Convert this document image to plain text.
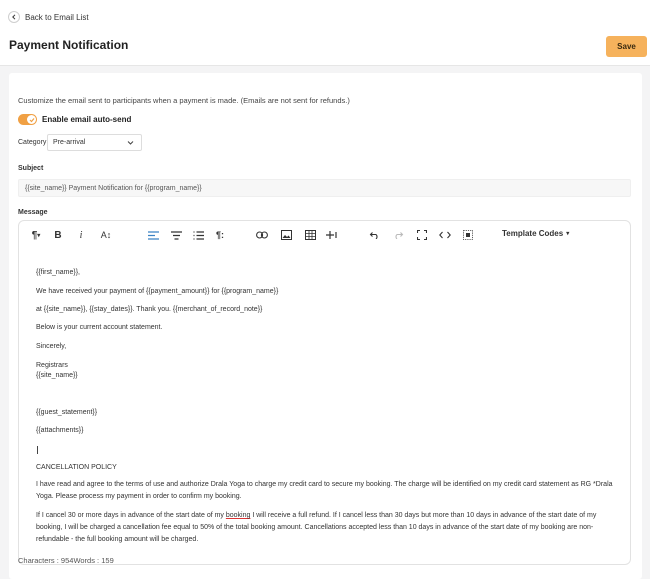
Back to Email List
Payment Notification	Save
Customize the email sent to participants when a payment is made. (Emails are not sent for refunds.)
Enable email auto-send
Category Pre-arrival
Subject
{{site_name}} Payment Notification for {{program_name}}
Message
¶ ▾ B	i	A↕	¶:	Template Codes ▾
{{first_name}},
We have received your payment of {{payment_amount}} for {{program_name}}
at {{site_name}}, {{stay_dates}}. Thank you. {{merchant_of_record_note}}
Below is your current account statement.
Sincerely,
Registrars
{{site_name}}
{{guest_statement}}
{{attachments}}
CANCELLATION POLICY
I have read and agree to the terms of use and authorize Drala Yoga to charge my credit card to secure my booking. The charge will be identified on my credit card statement as RG *Drala Yoga. Please process my payment in order to confirm my booking.
If I cancel 30 or more days in advance of the start date of my booking I will receive a full refund. If I cancel less than 30 days but more than 10 days in advance of the start date of my booking, I will be charged a cancellation fee equal to 50% of the total booking amount. Cancellations accepted less than 10 days in advance of the start date of my booking are non-refundable - the full booking amount will be charged.
Characters : 954Words : 159
